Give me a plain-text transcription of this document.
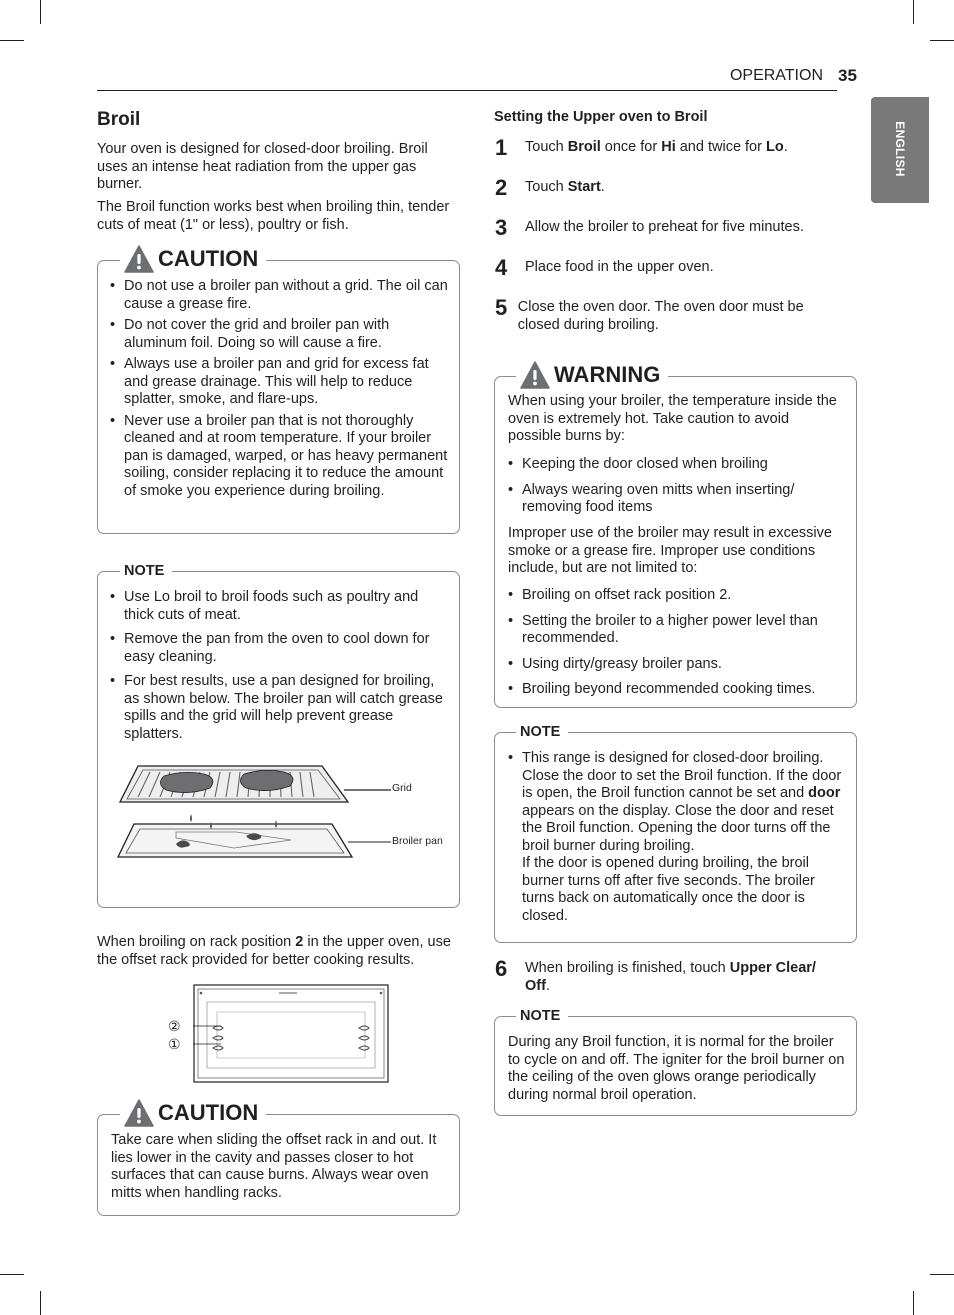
OPERATION 35
ENGLISH
Broil

Your oven is designed for closed-door broiling. Broil uses an intense heat radiation from the upper gas burner.

The Broil function works best when broiling thin, tender cuts of meat (1" or less), poultry or fish.

• Do not use a broiler pan without a grid. The oil can cause a grease fire.
• Do not cover the grid and broiler pan with aluminum foil. Doing so will cause a fire.
• Always use a broiler pan and grid for excess fat and grease drainage. This will help to reduce splatter, smoke, and flare-ups.
• Never use a broiler pan that is not thoroughly cleaned and at room temperature. If your broiler pan is damaged, warped, or has heavy permanent soiling, consider replacing it to reduce the amount of smoke you experience during broiling.
CAUTION
• Use Lo broil to broil foods such as poultry and thick cuts of meat.
• Remove the pan from the oven to cool down for easy cleaning.
• For best results, use a pan designed for broiling, as shown below. The broiler pan will catch grease spills and the grid will help prevent grease splatters.
Grid
Broiler pan
NOTE

When broiling on rack position 2 in the upper oven, use the offset rack provided for better cooking results.

②
①

Take care when sliding the offset rack in and out. It lies lower in the cavity and passes closer to hot surfaces that can cause burns. Always wear oven mitts when handling racks.

CAUTION
Setting the Upper oven to Broil
1	Touch Broil once for Hi and twice for Lo.
2	Touch Start.
3	Allow the broiler to preheat for five minutes.
4	Place food in the upper oven.
5 Close the oven door. The oven door must be closed during broiling.

When using your broiler, the temperature inside the oven is extremely hot. Take caution to avoid possible burns by:

• Keeping the door closed when broiling
• Always wearing oven mitts when inserting/ removing food items

Improper use of the broiler may result in excessive smoke or a grease fire. Improper use conditions include, but are not limited to:

• Broiling on offset rack position 2.
• Setting the broiler to a higher power level than recommended.
• Using dirty/greasy broiler pans.
• Broiling beyond recommended cooking times.
WARNING
• This range is designed for closed-door broiling. Close the door to set the Broil function. If the door is open, the Broil function cannot be set and door appears on the display. Close the door and reset the Broil function. Opening the door turns off the broil burner during broiling.
If the door is opened during broiling, the broil burner turns off after five seconds. The broiler turns back on automatically once the door is closed.
NOTE
6	When broiling is finished, touch Upper Clear/ Off.

During any Broil function, it is normal for the broiler to cycle on and off. The igniter for the broil burner on the ceiling of the oven glows orange periodically during normal broil operation.

NOTE
